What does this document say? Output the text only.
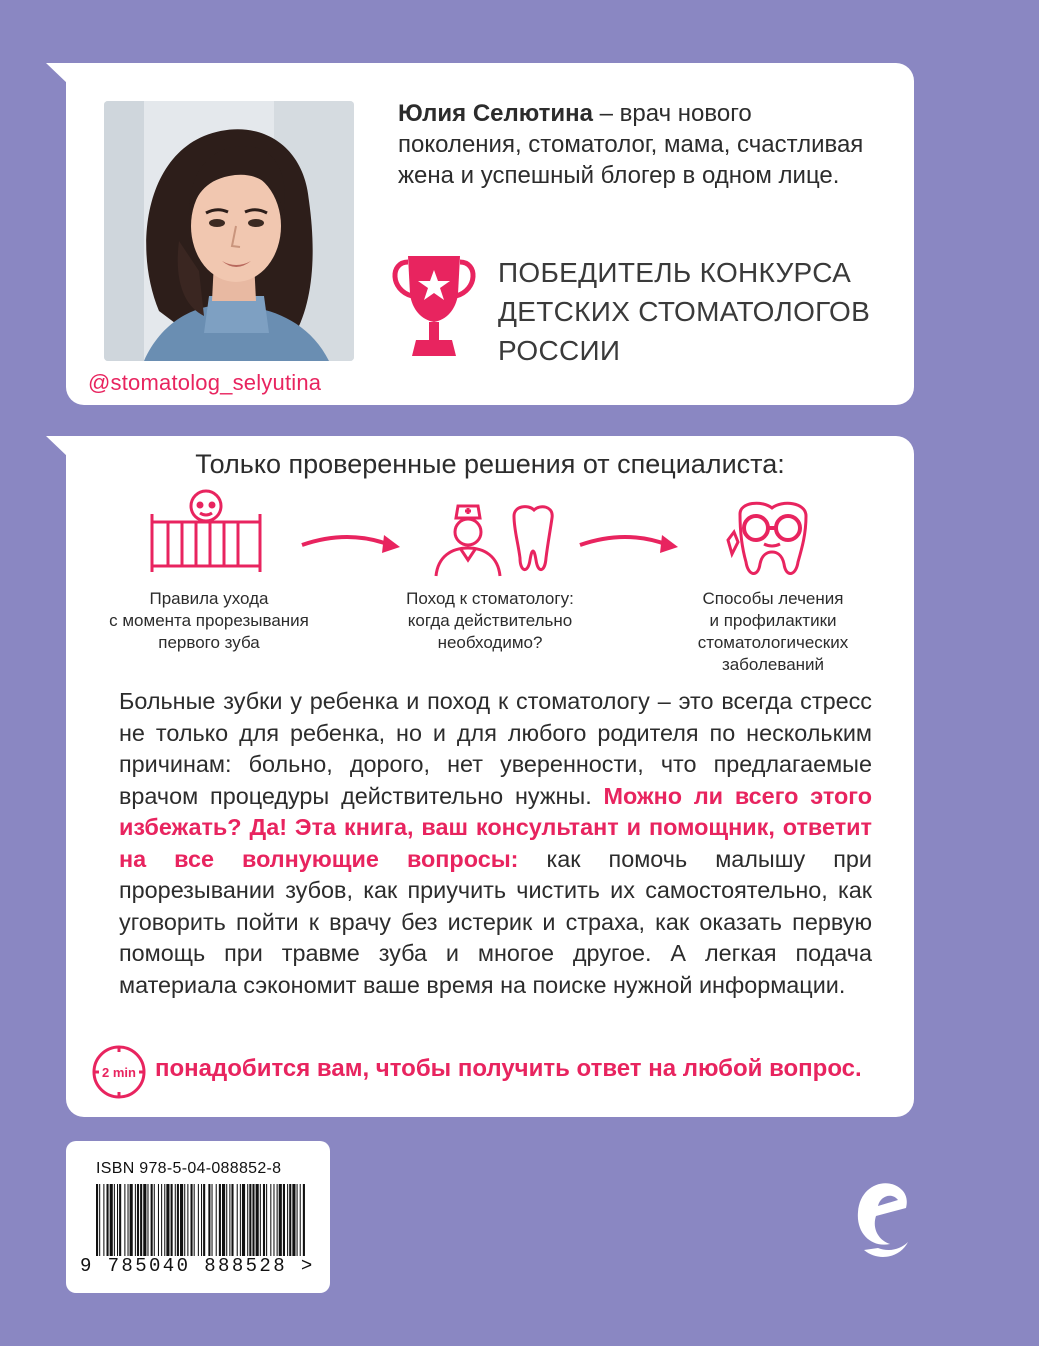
@stomatolog_selyutina
Юлия Селютина – врач нового поколения, стоматолог, мама, счастливая жена и успешный блогер в одном лице.
ПОБЕДИТЕЛЬ КОНКУРСА
ДЕТСКИХ СТОМАТОЛОГОВ
РОССИИ
Только проверенные решения от специалиста:
Правила ухода
с момента прорезывания
первого зуба
Поход к стоматологу:
когда действительно
необходимо?
Способы лечения
и профилактики
стоматологических
заболеваний
Больные зубки у ребенка и поход к стоматологу – это всегда стресс не только для ребенка, но и для любого родителя по нескольким причинам: больно, дорого, нет уверенности, что предлагаемые врачом процедуры действительно нужны. Можно ли всего этого избежать? Да! Эта книга, ваш консультант и помощник, ответит на все волнующие вопросы: как помочь малышу при прорезывании зубов, как приучить чистить их самостоятельно, как уговорить пойти к врачу без истерик и страха, как оказать первую помощь при травме зуба и многое другое. А легкая подача материала сэкономит ваше время на поиске нужной информации.
2 min понадобится вам, чтобы получить ответ на любой вопрос.
ISBN 978-5-04-088852-8
9 785040 888528 >
